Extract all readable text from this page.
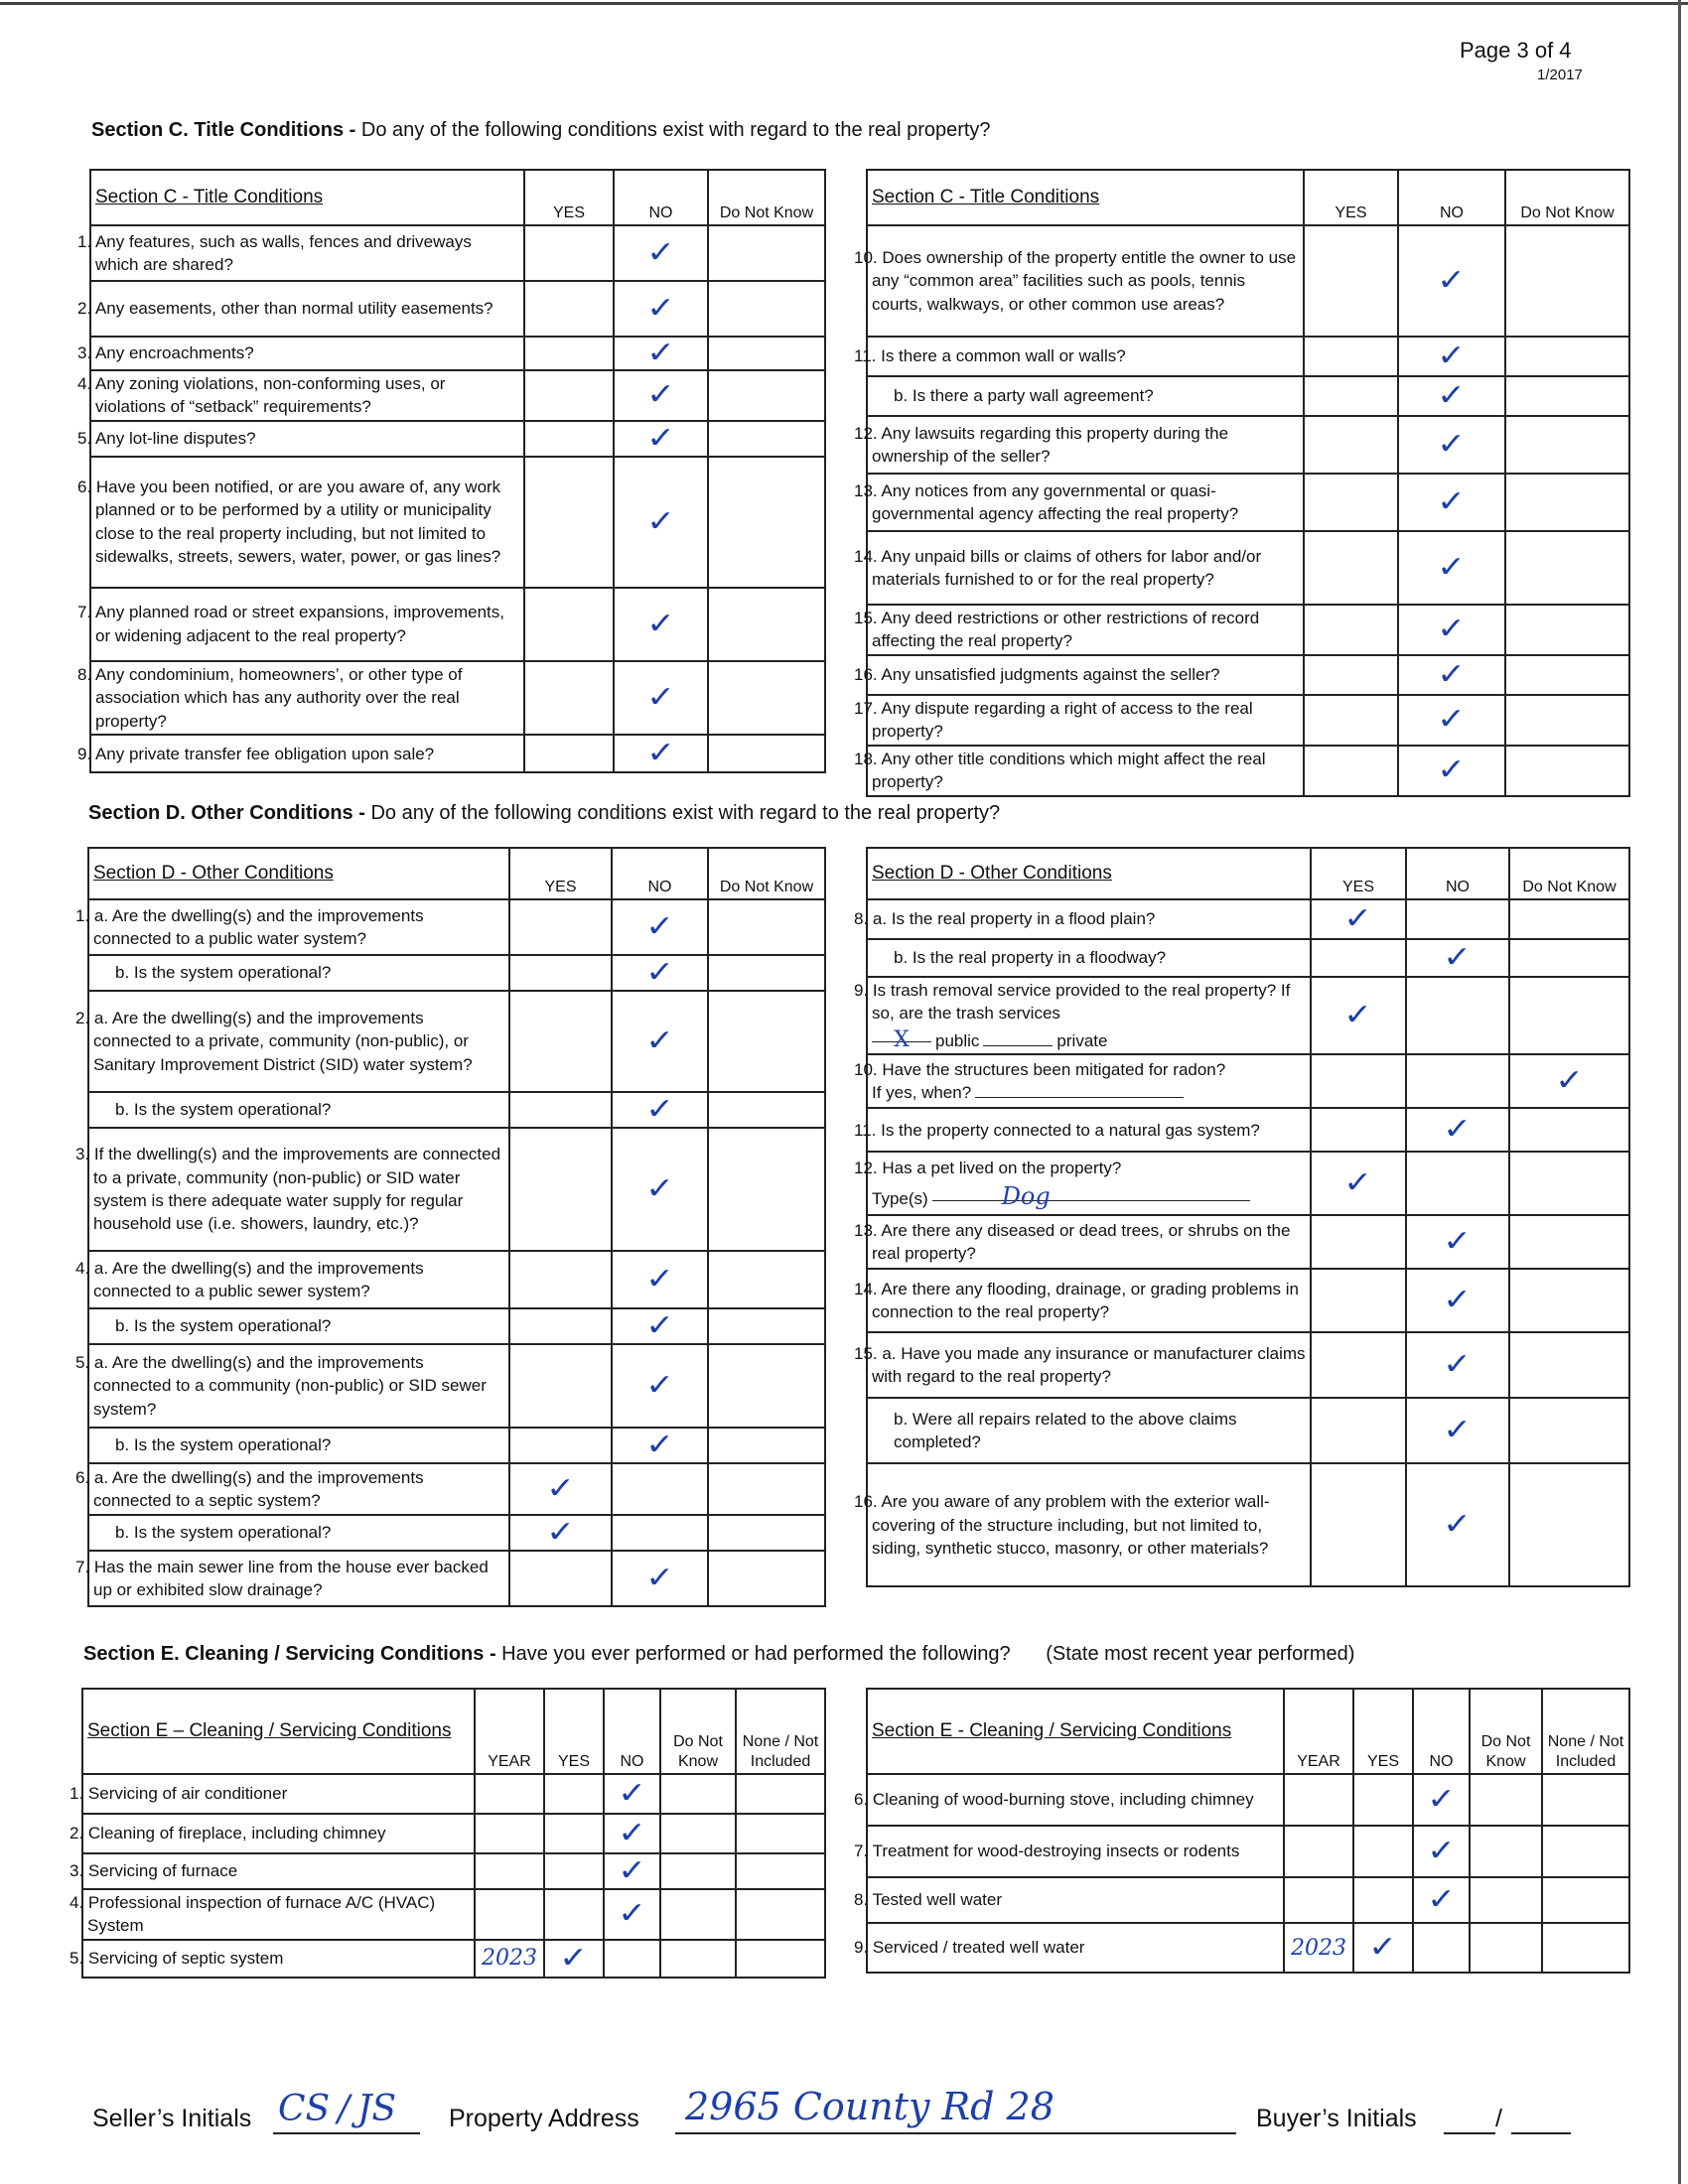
Page 3 of 4
1/2017
Section C. Title Conditions - Do any of the following conditions exist with regard to the real property?
Section C - Title Conditions	YES	NO	Do Not Know
1. Any features, such as walls, fences and driveways which are shared?		✓	
2. Any easements, other than normal utility easements?		✓	
3. Any encroachments?		✓	
4. Any zoning violations, non-conforming uses, or violations of “setback” requirements?		✓	
5. Any lot-line disputes?		✓	
6. Have you been notified, or are you aware of, any work planned or to be performed by a utility or municipality close to the real property including, but not limited to sidewalks, streets, sewers, water, power, or gas lines?		✓	
7. Any planned road or street expansions, improvements, or widening adjacent to the real property?		✓	
8. Any condominium, homeowners’, or other type of association which has any authority over the real property?		✓	
9. Any private transfer fee obligation upon sale?		✓	
Section C - Title Conditions	YES	NO	Do Not Know
10. Does ownership of the property entitle the owner to use any “common area” facilities such as pools, tennis courts, walkways, or other common use areas?		✓	
11. Is there a common wall or walls?		✓	
b. Is there a party wall agreement?		✓	
12. Any lawsuits regarding this property during the ownership of the seller?		✓	
13. Any notices from any governmental or quasi-governmental agency affecting the real property?		✓	
14. Any unpaid bills or claims of others for labor and/or materials furnished to or for the real property?		✓	
15. Any deed restrictions or other restrictions of record affecting the real property?		✓	
16. Any unsatisfied judgments against the seller?		✓	
17. Any dispute regarding a right of access to the real property?		✓	
18. Any other title conditions which might affect the real property?		✓	
Section D. Other Conditions - Do any of the following conditions exist with regard to the real property?
Section D - Other Conditions	YES	NO	Do Not Know
1. a. Are the dwelling(s) and the improvements connected to a public water system?		✓	
b. Is the system operational?		✓	
2. a. Are the dwelling(s) and the improvements connected to a private, community (non-public), or Sanitary Improvement District (SID) water system?		✓	
b. Is the system operational?		✓	
3. If the dwelling(s) and the improvements are connected to a private, community (non-public) or SID water system is there adequate water supply for regular household use (i.e. showers, laundry, etc.)?		✓	
4. a. Are the dwelling(s) and the improvements connected to a public sewer system?		✓	
b. Is the system operational?		✓	
5. a. Are the dwelling(s) and the improvements connected to a community (non-public) or SID sewer system?		✓	
b. Is the system operational?		✓	
6. a. Are the dwelling(s) and the improvements connected to a septic system?	✓		
b. Is the system operational?	✓		
7. Has the main sewer line from the house ever backed up or exhibited slow drainage?		✓	
Section D - Other Conditions	YES	NO	Do Not Know
8. a. Is the real property in a flood plain?	✓		
b. Is the real property in a floodway?		✓	
9. Is trash removal service provided to the real property? If so, are the trash services
X public private	✓		
10. Have the structures been mitigated for radon?
If yes, when?			✓
11. Is the property connected to a natural gas system?		✓	
12. Has a pet lived on the property?
Type(s) Dog	✓		
13. Are there any diseased or dead trees, or shrubs on the real property?		✓	
14. Are there any flooding, drainage, or grading problems in connection to the real property?		✓	
15. a. Have you made any insurance or manufacturer claims with regard to the real property?		✓	
b. Were all repairs related to the above claims completed?		✓	
16. Are you aware of any problem with the exterior wall-covering of the structure including, but not limited to, siding, synthetic stucco, masonry, or other materials?		✓	
Section E. Cleaning / Servicing Conditions - Have you ever performed or had performed the following? (State most recent year performed)
Section E – Cleaning / Servicing Conditions	YEAR	YES	NO	Do Not Know	None / Not Included
1. Servicing of air conditioner			✓		
2. Cleaning of fireplace, including chimney			✓		
3. Servicing of furnace			✓		
4. Professional inspection of furnace A/C (HVAC) System			✓		
5. Servicing of septic system	2023	✓			
Section E - Cleaning / Servicing Conditions	YEAR	YES	NO	Do Not Know	None / Not Included
6. Cleaning of wood-burning stove, including chimney			✓		
7. Treatment for wood-destroying insects or rodents			✓		
8. Tested well water			✓		
9. Serviced / treated well water	2023	✓			
Seller’s Initials CS / JS Property Address 2965 County Rd 28	Buyer’s Initials	/
